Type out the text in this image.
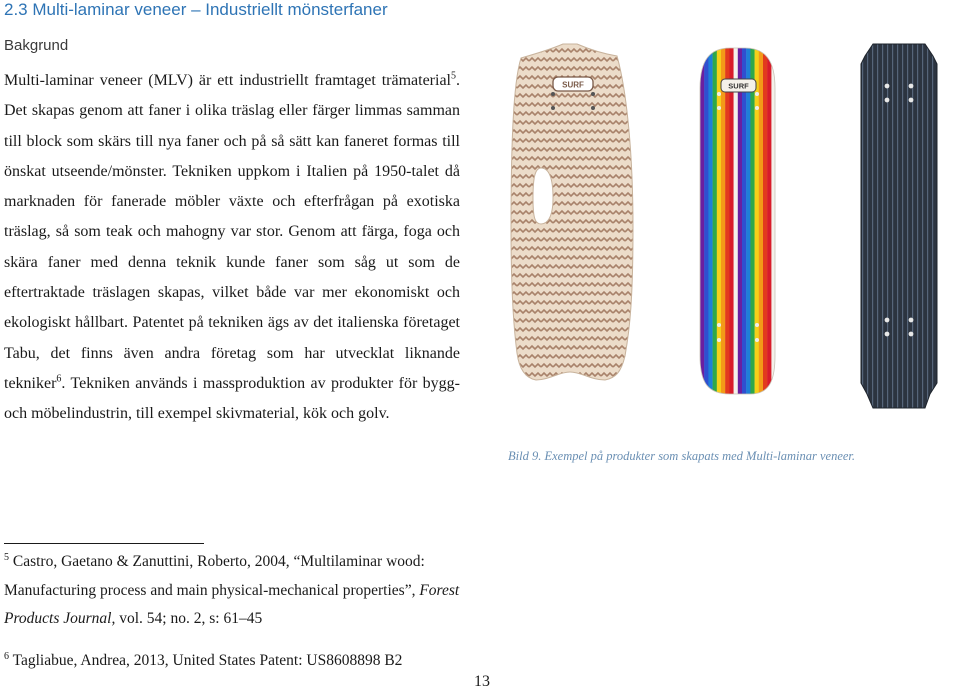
2.3 Multi-laminar veneer – Industriellt mönsterfaner
Bakgrund

Multi-laminar veneer (MLV) är ett industriellt framtaget trämaterial$^5$. Det skapas genom att faner i olika träslag eller färger limmas samman till block som skärs till nya faner och på så sätt kan faneret formas till önskat utseende/mönster. Tekniken uppkom i Italien på 1950-talet då marknaden för fanerade möbler växte och efterfrågan på exotiska träslag, så som teak och mahogny var stor. Genom att färga, foga och skära faner med denna teknik kunde faner som såg ut som de eftertraktade träslagen skapas, vilket både var mer ekonomiskt och ekologiskt hållbart. Patentet på tekniken ägs av det italienska företaget Tabu, det finns även andra företag som har utvecklat liknande tekniker$^6$. Tekniken används i massproduktion av produkter för bygg- och möbelindustrin, till exempel skivmaterial, kök och golv.

SURF	SURF
Bild 9. Exempel på produkter som skapats med Multi-laminar veneer.

$^5$ Castro, Gaetano & Zanuttini, Roberto, 2004, “Multilaminar wood: Manufacturing process and main physical-mechanical properties”, Forest Products Journal, vol. 54; no. 2, s: 61–45

$^6$ Tagliabue, Andrea, 2013, United States Patent: US8608898 B2

13
